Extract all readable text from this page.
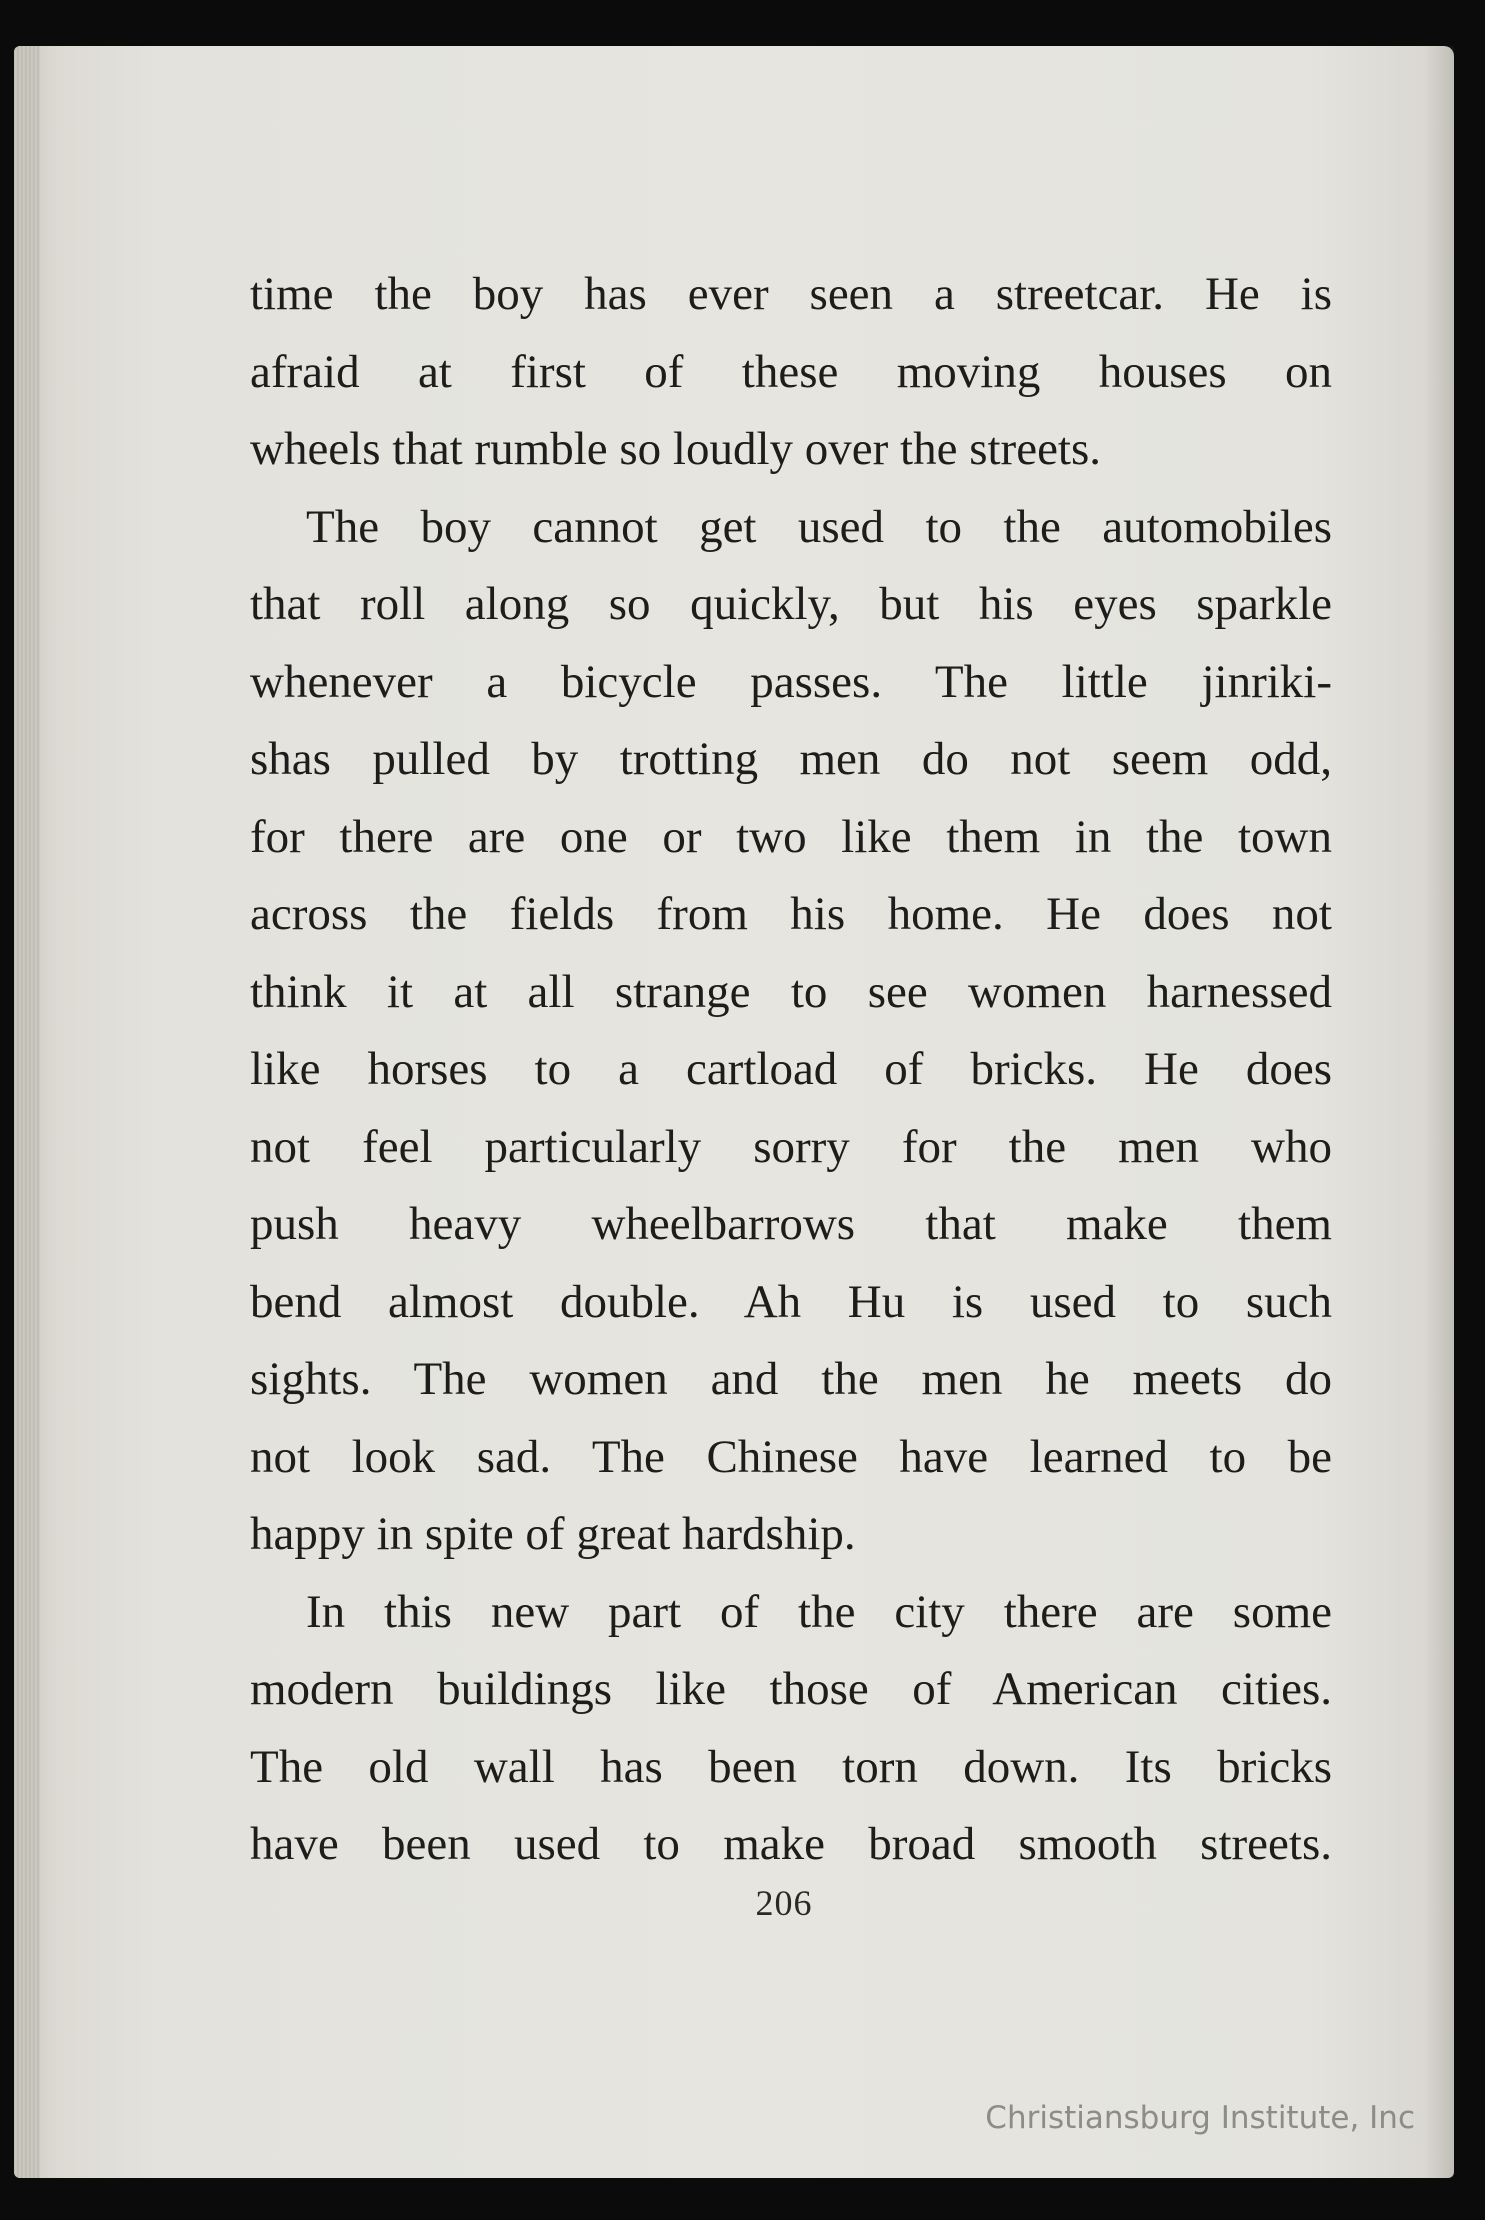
time the boy has ever seen a streetcar. He is

afraid at first of these moving houses on

wheels that rumble so loudly over the streets.

The boy cannot get used to the automobiles

that roll along so quickly, but his eyes sparkle

whenever a bicycle passes. The little jinriki-

shas pulled by trotting men do not seem odd,

for there are one or two like them in the town

across the fields from his home. He does not

think it at all strange to see women harnessed

like horses to a cartload of bricks. He does

not feel particularly sorry for the men who

push heavy wheelbarrows that make them

bend almost double. Ah Hu is used to such

sights. The women and the men he meets do

not look sad. The Chinese have learned to be

happy in spite of great hardship.

In this new part of the city there are some

modern buildings like those of American cities.

The old wall has been torn down. Its bricks

have been used to make broad smooth streets.

206
Christiansburg Institute, Inc
